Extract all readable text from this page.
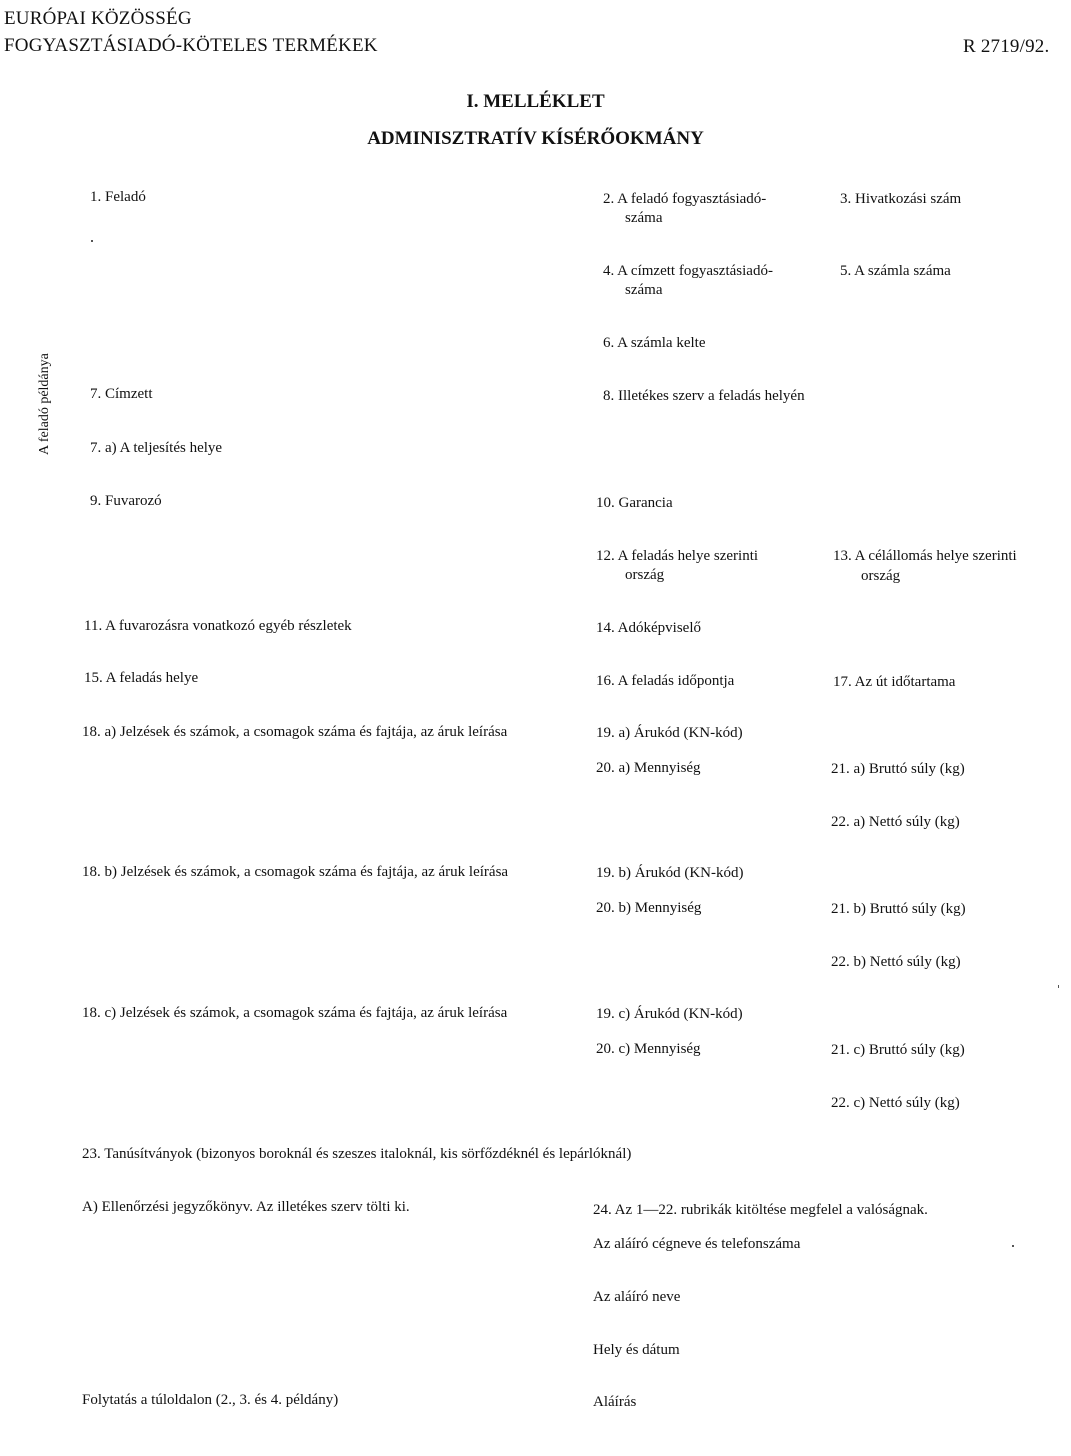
EURÓPAI KÖZÖSSÉG
FOGYASZTÁSIADÓ-KÖTELES TERMÉKEK	R 2719/92.
I. MELLÉKLET
ADMINISZTRATÍV KÍSÉRŐOKMÁNY
A feladó példánya
1. Feladó	2. A feladó fogyasztásiadó-
száma
3. Hivatkozási szám
4. A címzett fogyasztásiadó-
száma
5. A számla száma
6. A számla kelte
7. Címzett	8. Illetékes szerv a feladás helyén
7. a) A teljesítés helye
9. Fuvarozó	10. Garancia
12. A feladás helye szerinti
ország
13. A célállomás helye szerinti
ország
11. A fuvarozásra vonatkozó egyéb részletek	14. Adóképviselő
15. A feladás helye	16. A feladás időpontja	17. Az út időtartama
18. a) Jelzések és számok, a csomagok száma és fajtája, az áruk leírása	19. a) Árukód (KN-kód)
20. a) Mennyiség	21. a) Bruttó súly (kg)
22. a) Nettó súly (kg)
18. b) Jelzések és számok, a csomagok száma és fajtája, az áruk leírása	19. b) Árukód (KN-kód)
20. b) Mennyiség	21. b) Bruttó súly (kg)
22. b) Nettó súly (kg)
18. c) Jelzések és számok, a csomagok száma és fajtája, az áruk leírása	19. c) Árukód (KN-kód)
20. c) Mennyiség	21. c) Bruttó súly (kg)
22. c) Nettó súly (kg)
23. Tanúsítványok (bizonyos boroknál és szeszes italoknál, kis sörfőzdéknél és lepárlóknál)
A) Ellenőrzési jegyzőkönyv. Az illetékes szerv tölti ki.	24. Az 1—22. rubrikák kitöltése megfelel a valóságnak.
Az aláíró cégneve és telefonszáma
Az aláíró neve
Hely és dátum
Folytatás a túloldalon (2., 3. és 4. példány)	Aláírás
